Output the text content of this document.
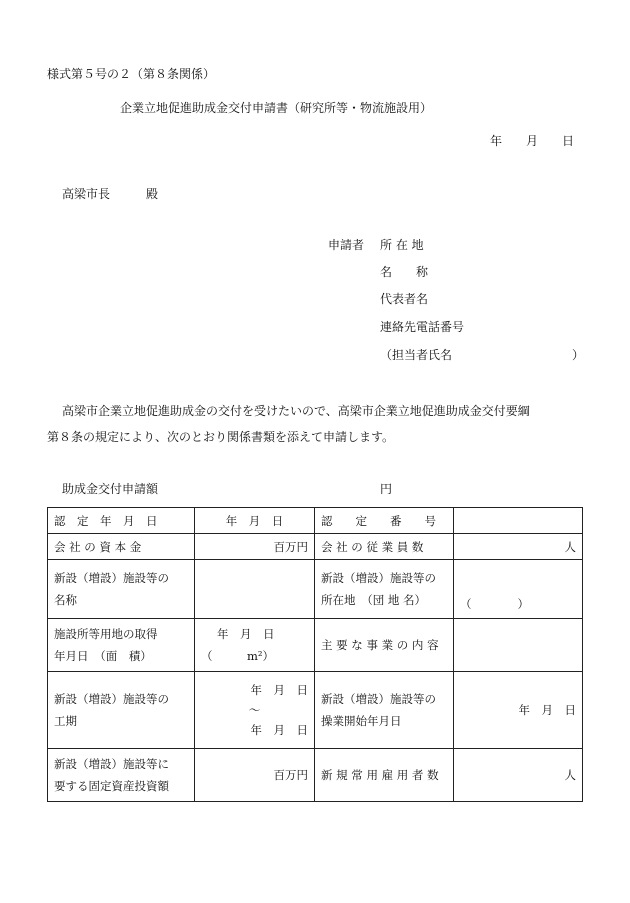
様式第５号の２（第８条関係）
企業立地促進助成金交付申請書（研究所等・物流施設用）
年　　月　　日
高梁市長　　　殿
申請者 所 在 地
名　　称
代表者名
連絡先電話番号
（担当者氏名	）
高梁市企業立地促進助成金の交付を受けたいので、高梁市企業立地促進助成金交付要綱
第８条の規定により、次のとおり関係書類を添えて申請します。
助成金交付申請額	円
認　定　年　月　日	年　月　日	認　　定　　番　　号	
会 社 の 資 本 金	百万円	会 社 の 従 業 員 数	人

新設（増設）施設等の
名称		新設（増設）施設等の
所在地　（団 地 名）	（　　　　）

施設所等用地の取得
年月日　（面　積）	年　月　日
（　　　m²）	主 要 な 事 業 の 内 容	

新設（増設）施設等の
工期	年　月　日
～
年　月　日	新設（増設）施設等の
操業開始年月日	年　月　日

新設（増設）施設等に
要する固定資産投資額	百万円	新 規 常 用 雇 用 者 数	人
